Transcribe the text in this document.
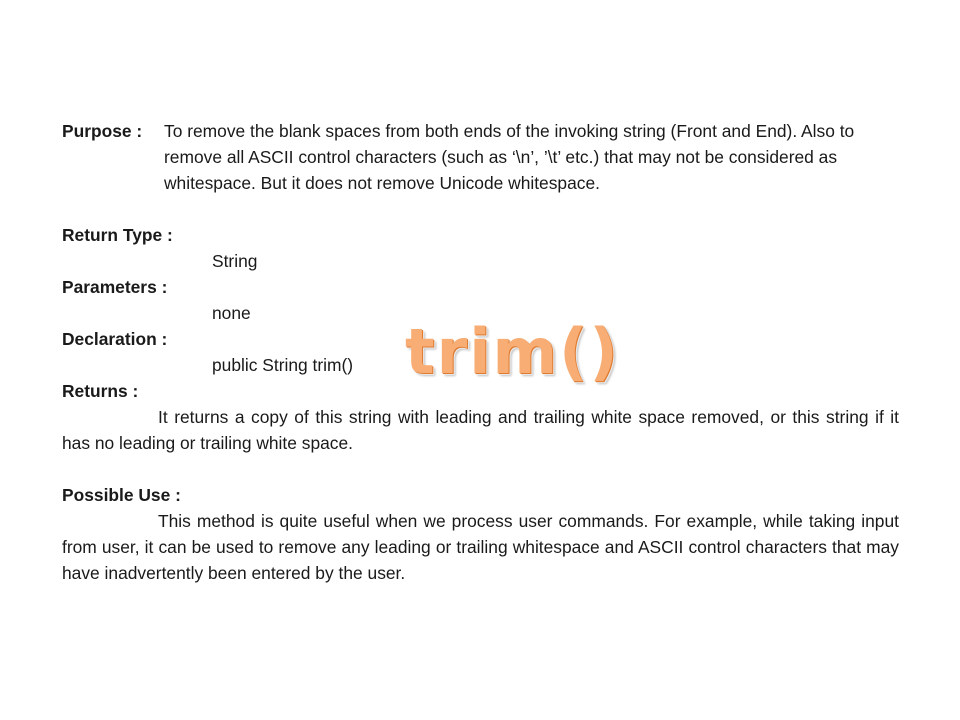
Purpose : To remove the blank spaces from both ends of the invoking string (Front and End). Also to remove all ASCII control characters (such as ‘\n’, ’\t’ etc.) that may not be considered as whitespace. But it does not remove Unicode whitespace.
Return Type :
String
Parameters :
none
Declaration :
public String trim()
Returns :

It returns a copy of this string with leading and trailing white space removed, or this string if it has no leading or trailing white space.

Possible Use :

This method is quite useful when we process user commands. For example, while taking input from user, it can be used to remove any leading or trailing whitespace and ASCII control characters that may have inadvertently been entered by the user.

trim()
